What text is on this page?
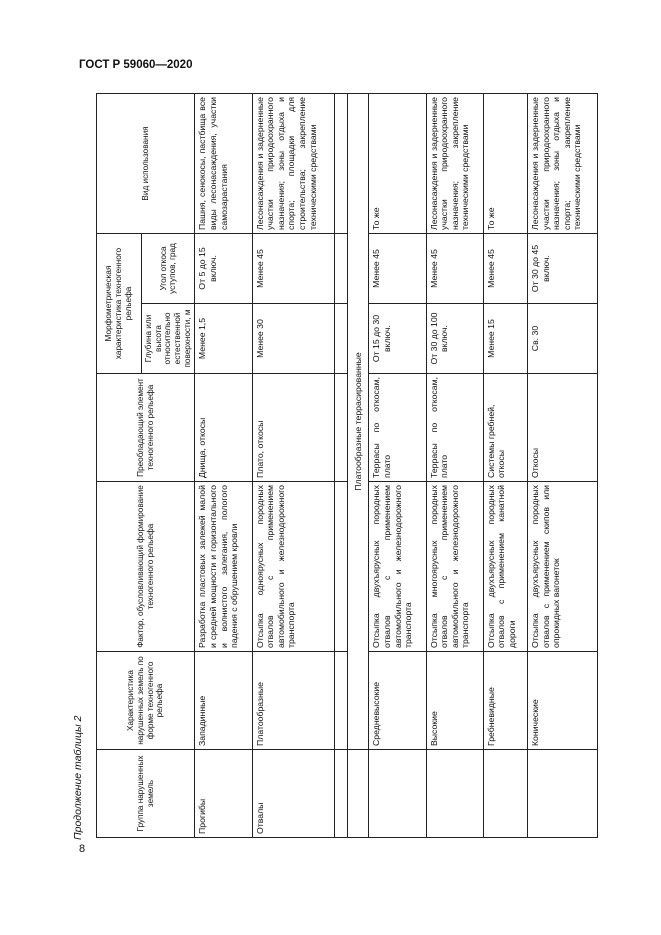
ГОСТ Р 59060—2020
8
Продолжение таблицы 2	Группа нарушенных земель	Характеристика нарушенных земель по форме техногенного рельефа	Фактор, обусловливающий формирование техногенного рельефа	Преобладающий элемент техногенного рельефа	Морфометрическая характеристика техногенного рельефа		Вид использования
				Глубина или высота относительно естественной поверхности, м	Угол откоса уступов, град	
Прогибы	Западинные	Разработка пластовых залежей малой и средней мощности и горизонтального и волнистого залегания, пологого падения с обрушением кровли	Днища, откосы	Менее 1,5	От 5 до 15 включ.	Пашня, сенокосы, пастбища все виды лесонасаждения, участки самозарастания
Отвалы	Платообразные	Отсыпка одноярусных породных отвалов с применением автомобильного и железнодорожного транспорта	Плато, откосы	Менее 30	Менее 45	Лесонасаждения и задерненные участки природоохранного назначения; зоны отдыха и спорта; площадки для строительства; закрепление техническими средствами

	Платообразные террасированные					
	Средневысокие	Отсыпка двухъярусных породных отвалов с применением автомобильного и железнодорожного транспорта	Террасы по откосам, плато	От 15 до 30 включ.	Менее 45	То же
	Высокие	Отсыпка многоярусных породных отвалов с применением автомобильного и железнодорожного транспорта	Террасы по откосам, плато	От 30 до 100 включ.	Менее 45	Лесонасаждения и задерненные участки природоохранного назначения; закрепление техническими средствами
	Гребневидные	Отсыпка двухъярусных породных отвалов с применением канатной дороги	Системы гребней, откосы	Менее 15	Менее 45	То же
	Конические	Отсыпка двухъярусных породных отвалов с применением скипов или опрокидных вагонеток	Откосы	Св. 30	От 30 до 45 включ.	Лесонасаждения и задерненные участки природоохранного назначения; зоны отдыха и спорта; закрепление техническими средствами
